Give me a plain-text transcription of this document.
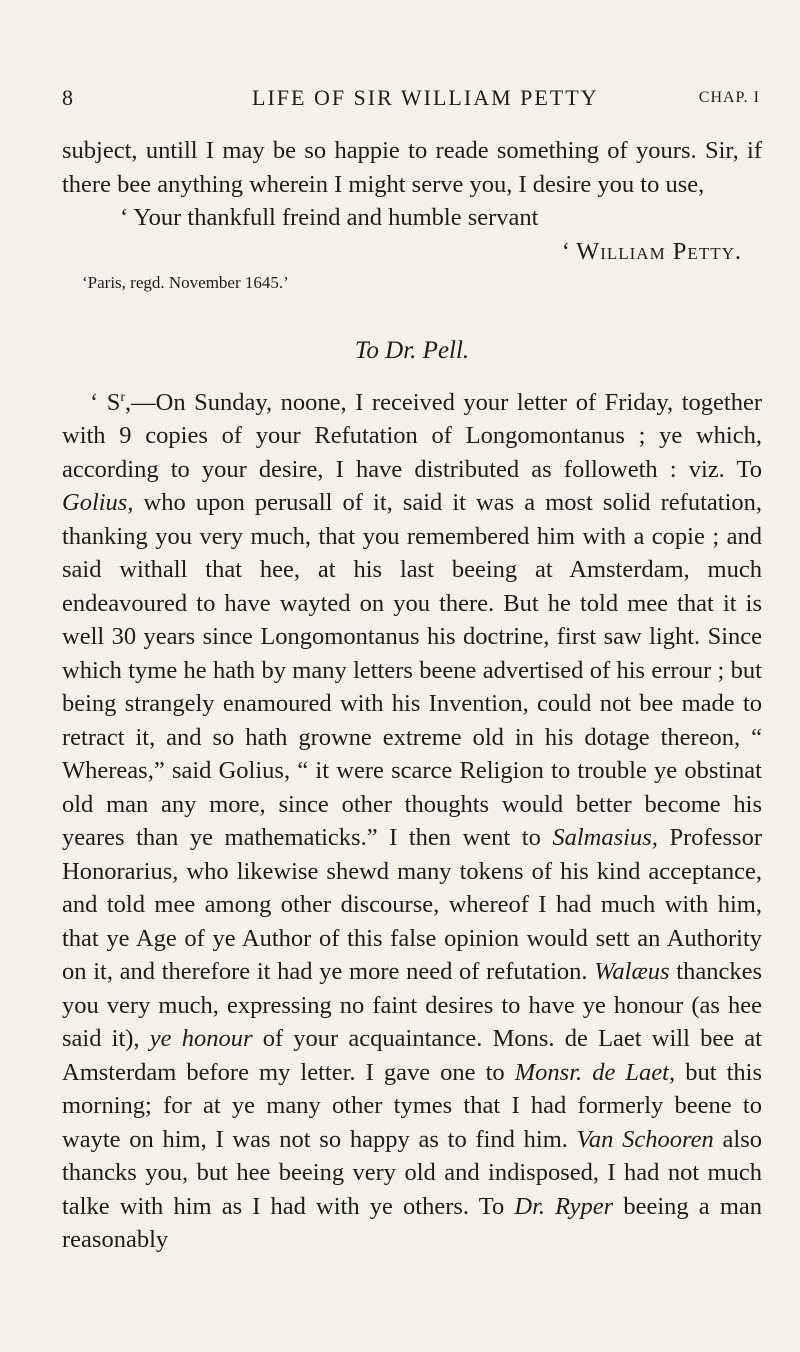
8	LIFE OF SIR WILLIAM PETTY	CHAP. I

subject, untill I may be so happie to reade something of yours. Sir, if there bee anything wherein I might serve you, I desire you to use,

‘ Your thankfull freind and humble servant

‘ William Petty.

‘Paris, regd. November 1645.’

To Dr. Pell.

‘ $S^r,—On$ Sunday, noone, I received your letter of Friday, together with 9 copies of your Refutation of Longomontanus ; ye which, according to your desire, I have distributed as followeth : viz. To Golius, who upon perusall of it, said it was a most solid refutation, thanking you very much, that you remembered him with a copie ; and said withall that hee, at his last beeing at Amsterdam, much endeavoured to have wayted on you there. But he told mee that it is well 30 years since Longomontanus his doctrine, first saw light. Since which tyme he hath by many letters beene advertised of his errour ; but being strangely enamoured with his Invention, could not bee made to retract it, and so hath growne extreme old in his dotage thereon, “ Whereas,” said Golius, “ it were scarce Religion to trouble ye obstinat old man any more, since other thoughts would better become his yeares than ye mathematicks.” I then went to Salmasius, Professor Honorarius, who likewise shewd many tokens of his kind acceptance, and told mee among other discourse, whereof I had much with him, that ye Age of ye Author of this false opinion would sett an Authority on it, and therefore it had ye more need of refutation. Walæus thanckes you very much, expressing no faint desires to have ye honour (as hee said it), ye honour of your acquaintance. Mons. de Laet will bee at Amsterdam before my letter. I gave one to Monsr. de Laet, but this morning; for at ye many other tymes that I had formerly beene to wayte on him, I was not so happy as to find him. Van Schooren also thancks you, but hee beeing very old and indisposed, I had not much talke with him as I had with ye others. To Dr. Ryper beeing a man reasonably
